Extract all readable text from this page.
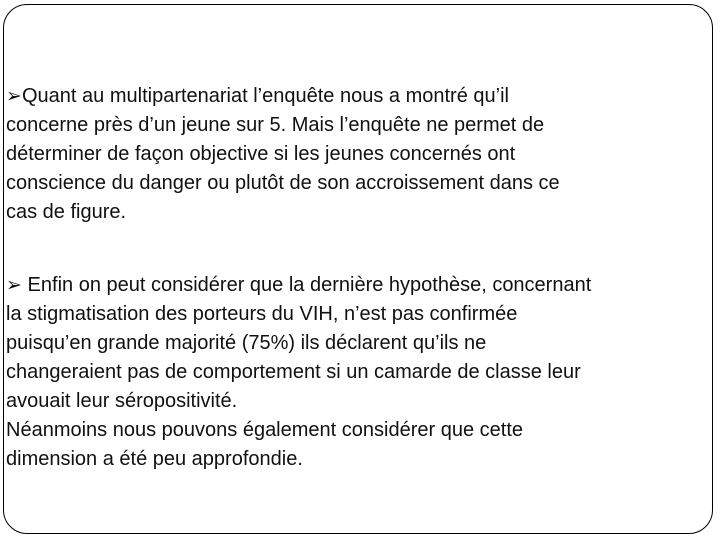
➢Quant au multipartenariat l’enquête nous a montré qu’il
concerne près d’un jeune sur 5. Mais l’enquête ne permet de
déterminer de façon objective si les jeunes concernés ont
conscience du danger ou plutôt de son accroissement dans ce
cas de figure.

➢ Enfin on peut considérer que la dernière hypothèse, concernant
la stigmatisation des porteurs du VIH, n’est pas confirmée
puisqu’en grande majorité (75%) ils déclarent qu’ils ne
changeraient pas de comportement si un camarde de classe leur
avouait leur séropositivité.
Néanmoins nous pouvons également considérer que cette
dimension a été peu approfondie.
